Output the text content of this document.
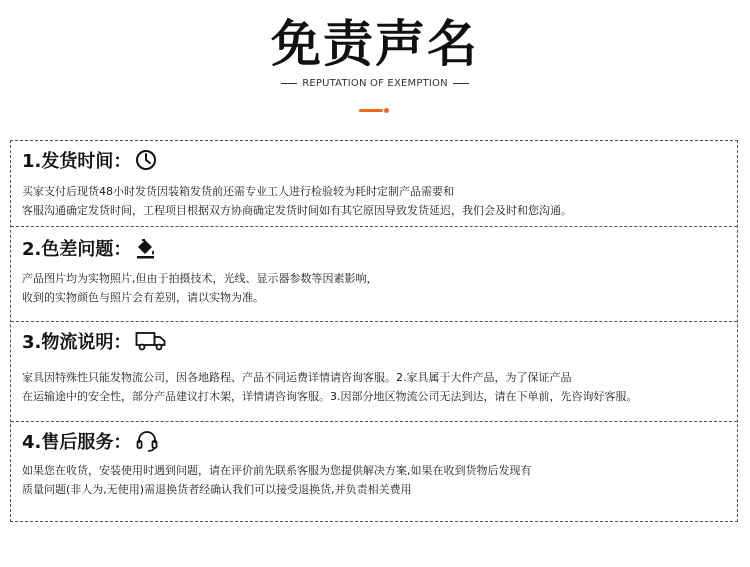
免责声名
REPUTATION OF EXEMPTION
1.发货时间：

买家支付后现货48小时发货因装箱发货前还需专业工人进行检验较为耗时定制产品需要和

客服沟通确定发货时间，工程项目根据双方协商确定发货时间如有其它原因导致发货延迟，我们会及时和您沟通。

2.色差问题：

产品图片均为实物照片,但由于拍摄技术，光线、显示器参数等因素影响，

收到的实物颜色与照片会有差别，请以实物为准。

3.物流说明：

家具因特殊性只能发物流公司，因各地路程、产品不同运费详情请咨询客服。2.家具属于大件产品，为了保证产品

在运输途中的安全性，部分产品建议打木架，详情请咨询客服。3.因部分地区物流公司无法到达，请在下单前，先咨询好客服。

4.售后服务：

如果您在收货，安装使用时遇到问题，请在评价前先联系客服为您提供解决方案,如果在收到货物后发现有

质量问题(非人为,无使用)需退换货者经确认我们可以接受退换货,并负责相关费用
